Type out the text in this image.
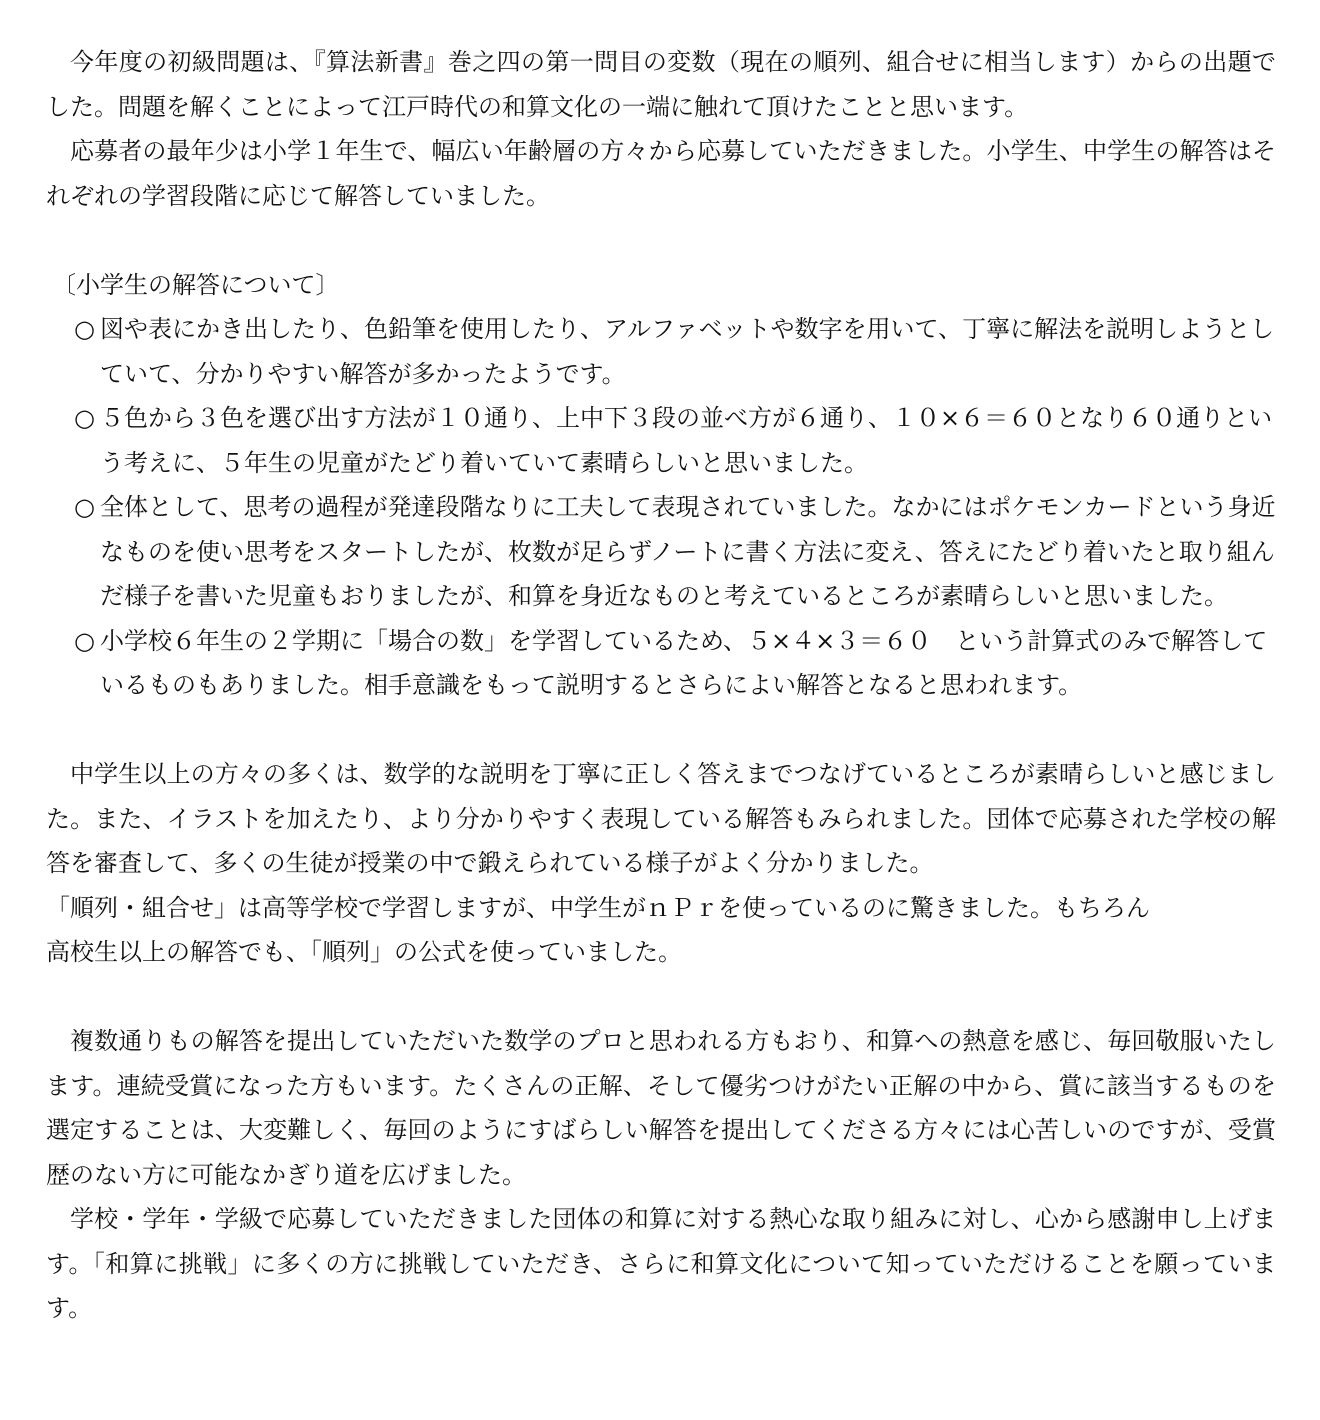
今年度の初級問題は、『算法新書』巻之四の第一問目の変数（現在の順列、組合せに相当します）からの出題でした。問題を解くことによって江戸時代の和算文化の一端に触れて頂けたことと思います。

応募者の最年少は小学１年生で、幅広い年齢層の方々から応募していただきました。小学生、中学生の解答はそれぞれの学習段階に応じて解答していました。

〔小学生の解答について〕

○ 図や表にかき出したり、色鉛筆を使用したり、アルファベットや数字を用いて、丁寧に解法を説明しようとしていて、分かりやすい解答が多かったようです。
○ ５色から３色を選び出す方法が１０通り、上中下３段の並べ方が６通り、１０×６＝６０となり６０通りという考えに、５年生の児童がたどり着いていて素晴らしいと思いました。
○ 全体として、思考の過程が発達段階なりに工夫して表現されていました。なかにはポケモンカードという身近なものを使い思考をスタートしたが、枚数が足らずノートに書く方法に変え、答えにたどり着いたと取り組んだ様子を書いた児童もおりましたが、和算を身近なものと考えているところが素晴らしいと思いました。
○ 小学校６年生の２学期に「場合の数」を学習しているため、５×４×３＝６０　という計算式のみで解答しているものもありました。相手意識をもって説明するとさらによい解答となると思われます。

中学生以上の方々の多くは、数学的な説明を丁寧に正しく答えまでつなげているところが素晴らしいと感じました。また、イラストを加えたり、より分かりやすく表現している解答もみられました。団体で応募された学校の解答を審査して、多くの生徒が授業の中で鍛えられている様子がよく分かりました。

「順列・組合せ」は高等学校で学習しますが、中学生がｎＰｒを使っているのに驚きました。もちろん

高校生以上の解答でも、「順列」の公式を使っていました。

複数通りもの解答を提出していただいた数学のプロと思われる方もおり、和算への熱意を感じ、毎回敬服いたします。連続受賞になった方もいます。たくさんの正解、そして優劣つけがたい正解の中から、賞に該当するものを選定することは、大変難しく、毎回のようにすばらしい解答を提出してくださる方々には心苦しいのですが、受賞歴のない方に可能なかぎり道を広げました。

学校・学年・学級で応募していただきました団体の和算に対する熱心な取り組みに対し、心から感謝申し上げます。「和算に挑戦」に多くの方に挑戦していただき、さらに和算文化について知っていただけることを願っています。
